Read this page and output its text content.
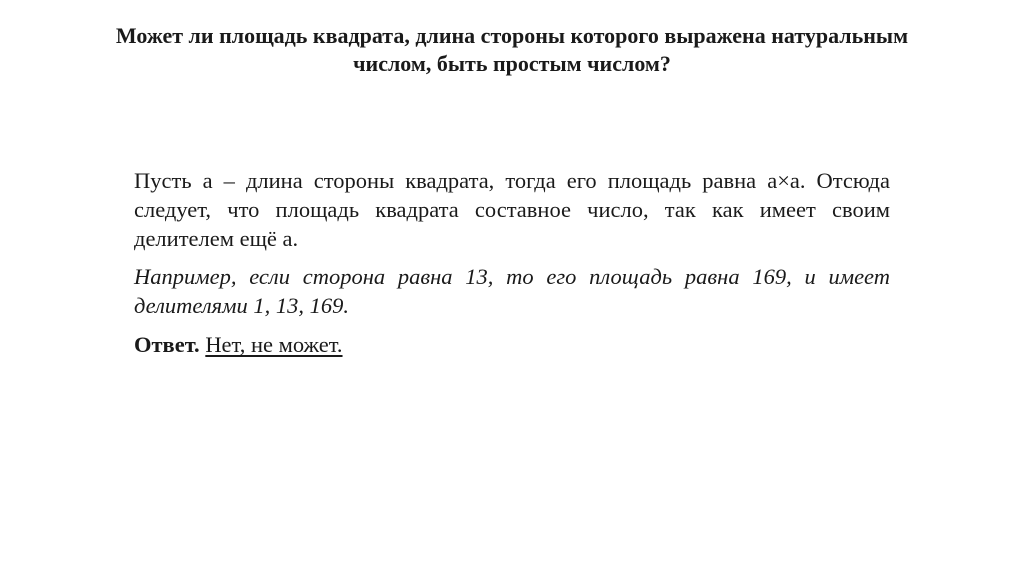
Может ли площадь квадрата, длина стороны которого выражена натуральным числом, быть простым числом?

Пусть a – длина стороны квадрата, тогда его площадь равна a×a. Отсюда следует, что площадь квадрата составное число, так как имеет своим делителем ещё a.

Например, если сторона равна 13, то его площадь равна 169, и имеет делителями 1, 13, 169.

Ответ. Нет, не может.
